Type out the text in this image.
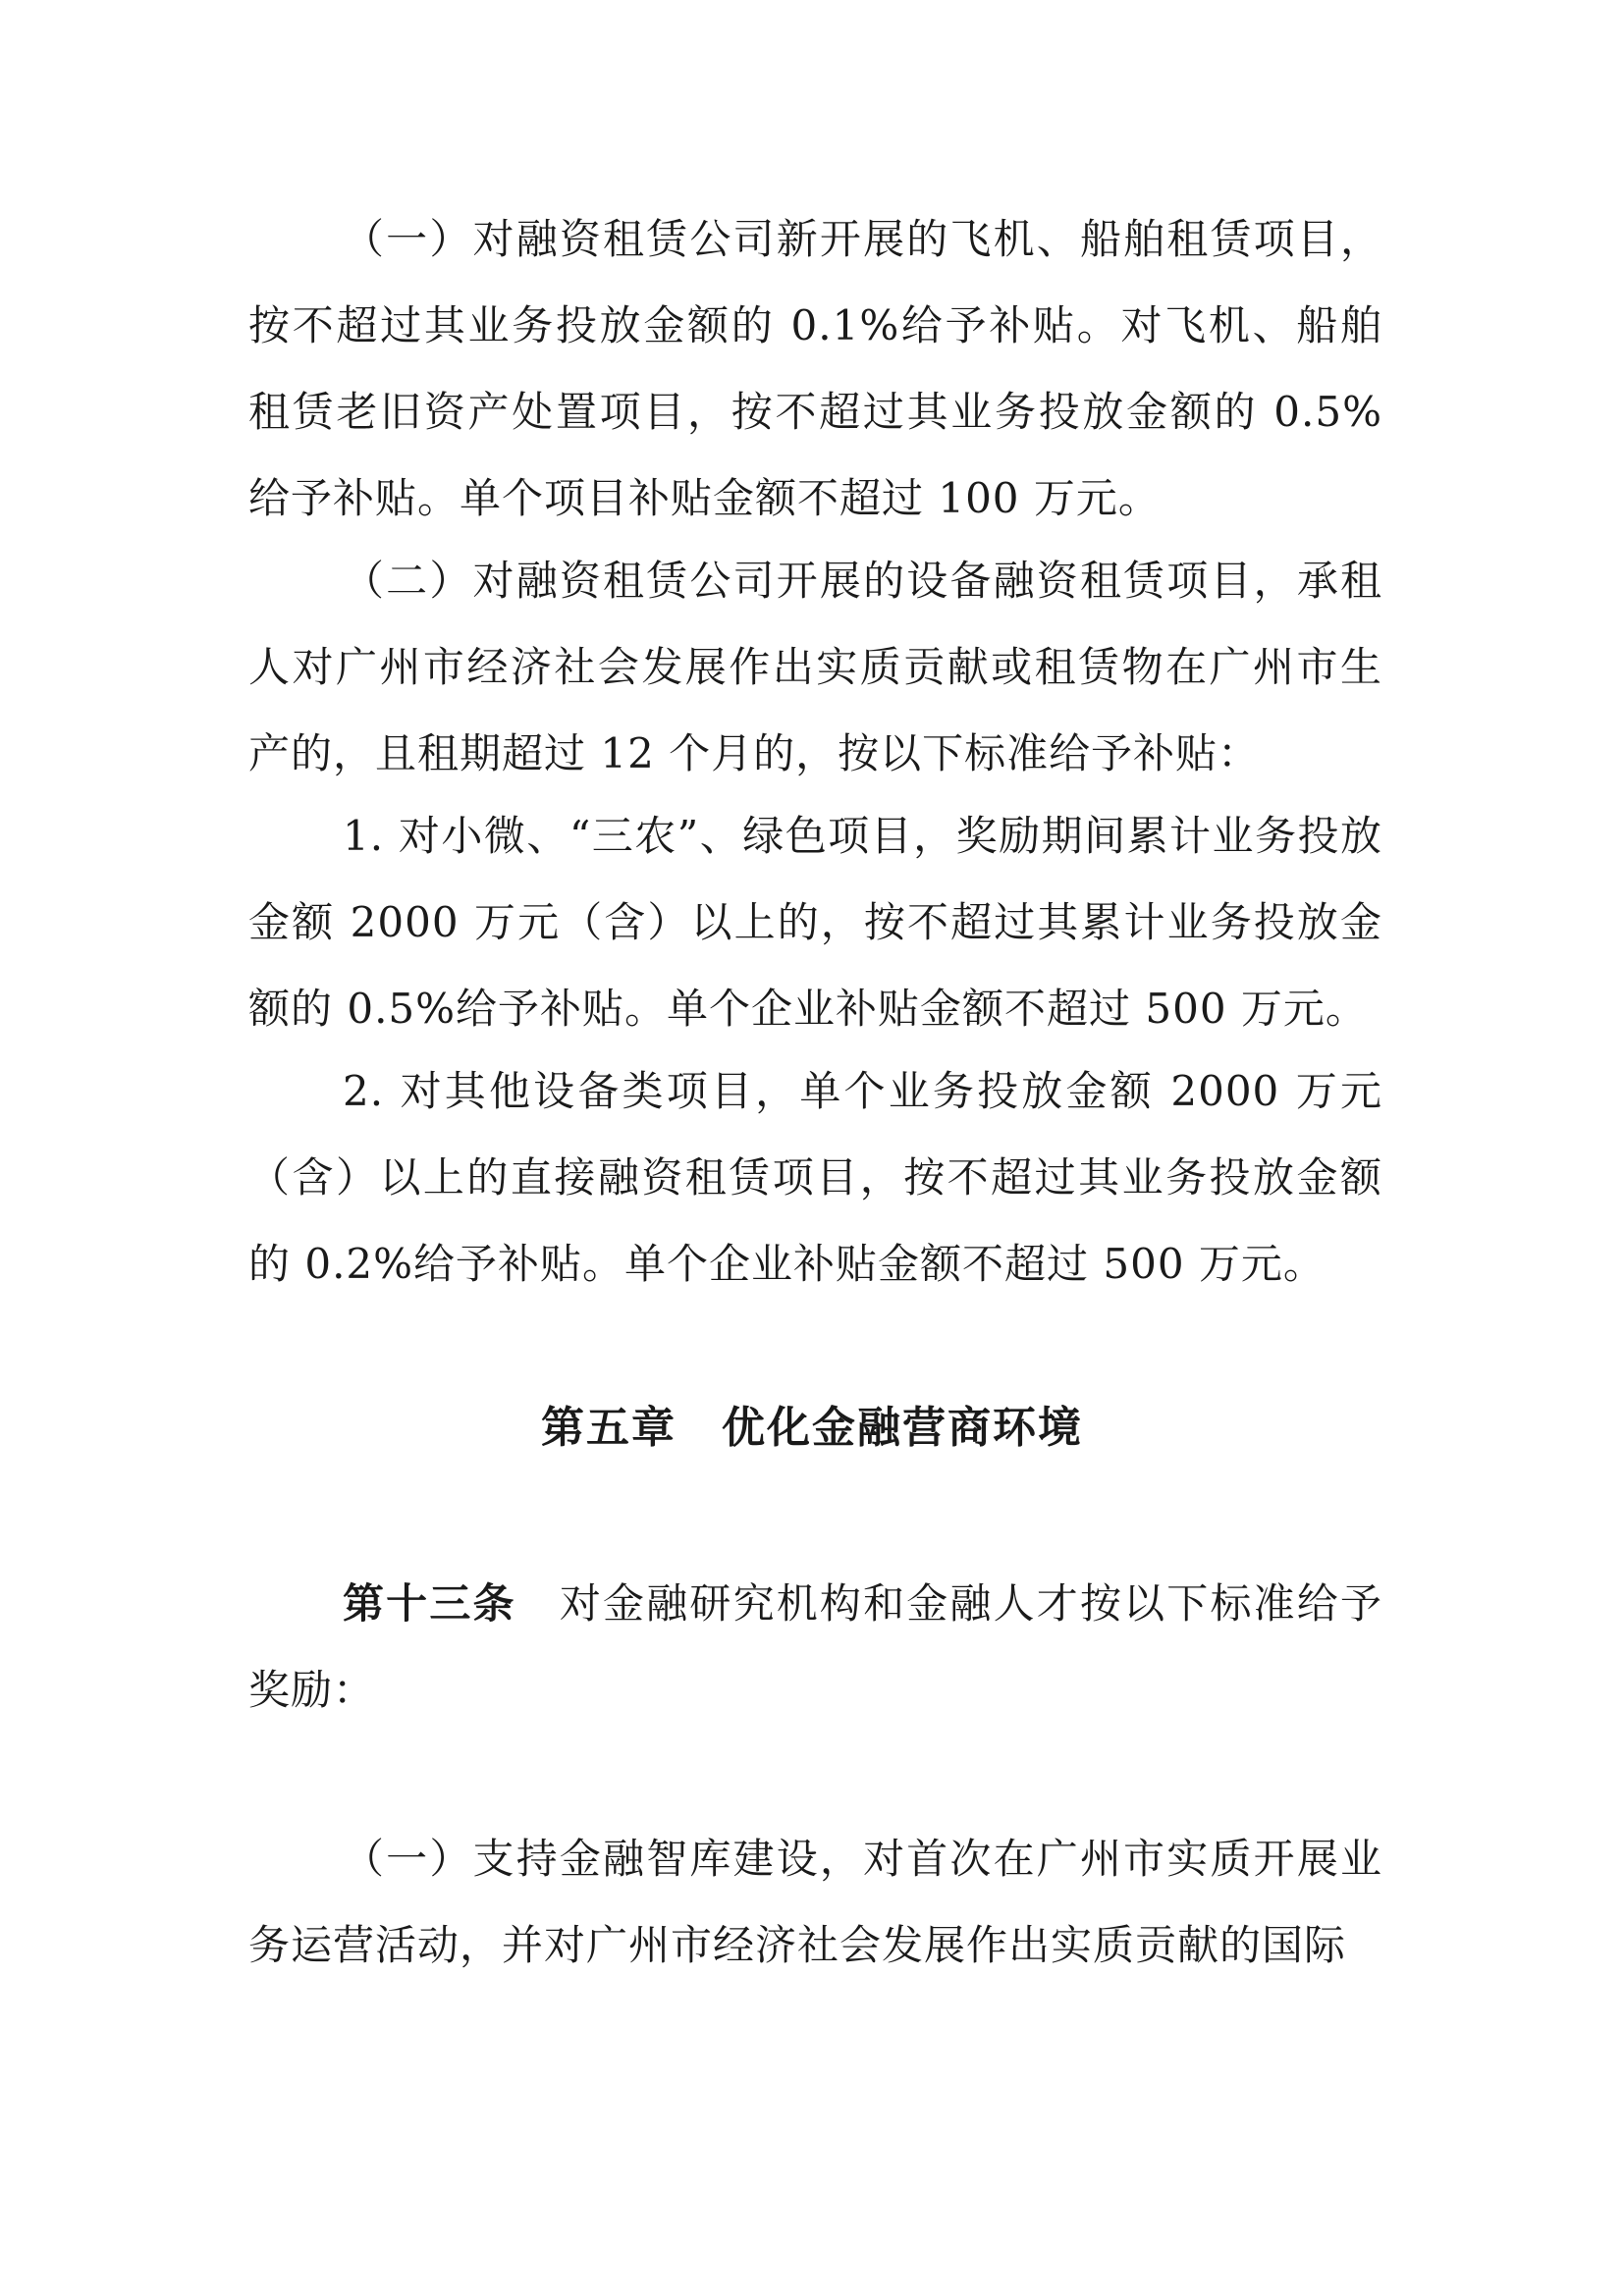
（一）对融资租赁公司新开展的飞机、船舶租赁项目，按不超过其业务投放金额的 0.1%给予补贴。对飞机、船舶租赁老旧资产处置项目，按不超过其业务投放金额的 0.5%给予补贴。单个项目补贴金额不超过 100 万元。

（二）对融资租赁公司开展的设备融资租赁项目，承租人对广州市经济社会发展作出实质贡献或租赁物在广州市生产的，且租期超过 12 个月的，按以下标准给予补贴：

1. 对小微、“三农”、绿色项目，奖励期间累计业务投放金额 2000 万元（含）以上的，按不超过其累计业务投放金额的 0.5%给予补贴。单个企业补贴金额不超过 500 万元。

2. 对其他设备类项目，单个业务投放金额 2000 万元（含）以上的直接融资租赁项目，按不超过其业务投放金额的 0.2%给予补贴。单个企业补贴金额不超过 500 万元。

第五章　优化金融营商环境

第十三条　对金融研究机构和金融人才按以下标准给予奖励：

（一）支持金融智库建设，对首次在广州市实质开展业务运营活动，并对广州市经济社会发展作出实质贡献的国际
